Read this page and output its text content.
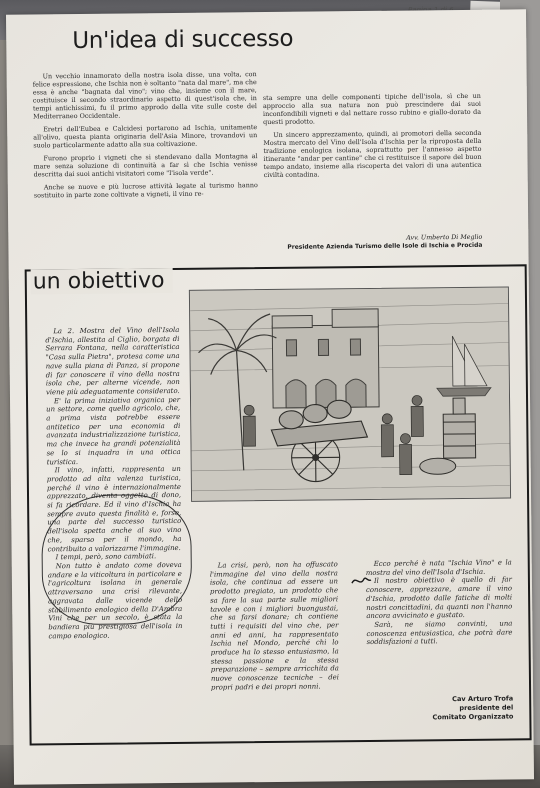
Un'idea di successo

Un vecchio innamorato della nostra isola disse, una volta, con felice espressione, che Ischia non è soltanto "nata dal mare", ma che essa è anche "bagnata dal vino"; vino che, insieme con il mare, costituisce il secondo straordinario aspetto di quest'isola che, in tempi antichissimi, fu il primo approdo della vite sulle coste del Mediterraneo Occidentale.

Eretri dell'Eubea e Calcidesi portarono ad Ischia, unitamente all'olivo, questa pianta originaria dell'Asia Minore, trovandovi un suolo particolarmente adatto alla sua coltivazione.

Furono proprio i vigneti che si stendevano dalla Montagna al mare senza soluzione di continuità a far sì che Ischia venisse descritta dai suoi antichi visitatori come "l'isola verde".

Anche se nuove e più lucrose attività legate al turismo hanno sostituito in parte zone coltivate a vigneti, il vino re-

sta sempre una delle componenti tipiche dell'isola, sì che un approccio alla sua natura non può prescindere dai suoi inconfondibili vigneti e dal nettare rosso rubino e giallo-dorato da questi prodotto.

Un sincero apprezzamento, quindi, ai promotori della seconda Mostra mercato del Vino dell'Isola d'Ischia per la riproposta della tradizione enologica isolana, soprattutto per l'annesso aspetto itinerante "andar per cantine" che ci restituisce il sapore del buon tempo andato, insieme alla riscoperta dei valori di una autentica civiltà contadina.

Avv. Umberto Di Meglio
Presidente Azienda Turismo delle Isole di Ischia e Procida
un obiettivo

La 2. Mostra del Vino dell'Isola d'Ischia, allestita al Ciglio, borgata di Serrara Fontana, nella caratteristica "Casa sulla Pietra", protesa come una nave sulla piana di Panza, si propone di far conoscere il vino della nostra isola che, per alterne vicende, non viene più adeguatamente considerato.

E' la prima iniziativa organica per un settore, come quello agricolo, che, a prima vista potrebbe essere antitetico per una economia di avanzata industrializzazione turistica, ma che invece ha grandi potenzialità se lo si inquadra in una ottica turistica.

Il vino, infatti, rappresenta un prodotto ad alta valenza turistica, perché il vino è internazionalmente apprezzato, diventa oggetto di dono, si fa ricordare. Ed il vino d'Ischia ha sempre avuto questa finalità e, forse, una parte del successo turistico dell'isola spetta anche al suo vino che, sparso per il mondo, ha contribuito a valorizzarne l'immagine.

I tempi, però, sono cambiati.

Non tutto è andato come doveva andare e la viticoltura in particolare e l'agricoltura isolana in generale attraversano una crisi rilevante, aggravata dalle vicende dello stabilimento enologico della D'Ambra Vini che per un secolo, è stata la bandiera più prestigiosa dell'isola in campo enologico.

La crisi, però, non ha offuscato l'immagine del vino della nostra isola, che continua ad essere un prodotto pregiato, un prodotto che sa fare la sua parte sulle migliori tavole e con i migliori buongustai, che sa farsi donare; ch contiene tutti i requisiti del vino che, per anni ed anni, ha rappresentato Ischia nel Mondo, perché chi lo produce ha lo stesso entusiasmo, la stessa passione e la stessa preparazione – sempre arricchita da nuove conoscenze tecniche – dei propri padri e dei propri nonni.

Ecco perché è nata "Ischia Vino" e la mostra del vino dell'Isola d'Ischia.

Il nostro obiettivo è quello di far conoscere, apprezzare, amare il vino d'Ischia, prodotto dalle fatiche di molti nostri concittadini, da quanti non l'hanno ancora avvicinato e gustato.

Sarà, ne siamo convinti, una conoscenza entusiastica, che potrà dare soddisfazioni a tutti.

Cav Arturo Trofa
presidente del
Comitato Organizzato
